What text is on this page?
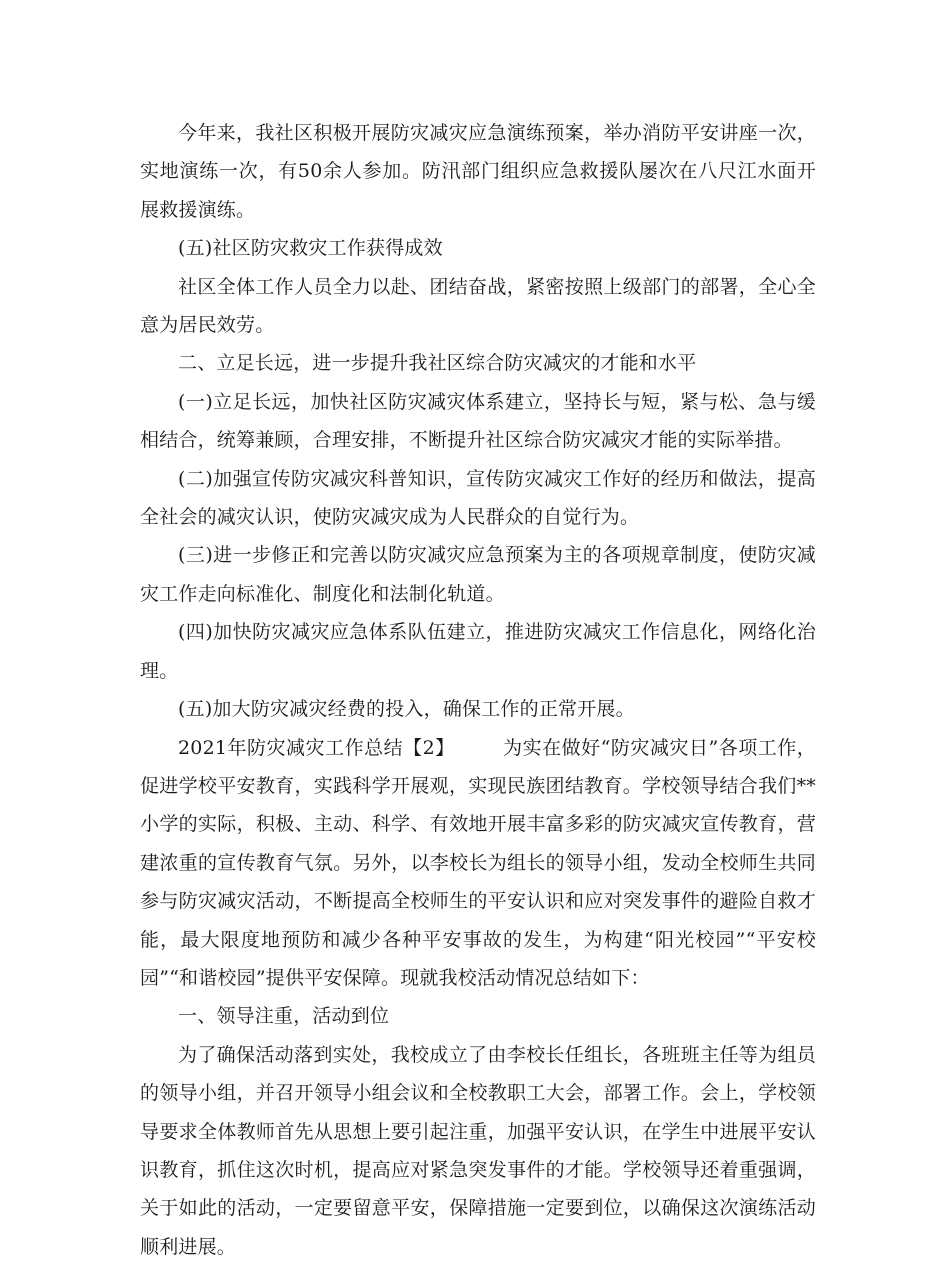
今年来，我社区积极开展防灾减灾应急演练预案，举办消防平安讲座一次，实地演练一次，有50余人参加。防汛部门组织应急救援队屡次在八尺江水面开展救援演练。

(五)社区防灾救灾工作获得成效

社区全体工作人员全力以赴、团结奋战，紧密按照上级部门的部署，全心全意为居民效劳。

二、立足长远，进一步提升我社区综合防灾减灾的才能和水平

(一)立足长远，加快社区防灾减灾体系建立，坚持长与短，紧与松、急与缓相结合，统筹兼顾，合理安排，不断提升社区综合防灾减灾才能的实际举措。

(二)加强宣传防灾减灾科普知识，宣传防灾减灾工作好的经历和做法，提高全社会的减灾认识，使防灾减灾成为人民群众的自觉行为。

(三)进一步修正和完善以防灾减灾应急预案为主的各项规章制度，使防灾减灾工作走向标准化、制度化和法制化轨道。

(四)加快防灾减灾应急体系队伍建立，推进防灾减灾工作信息化，网络化治理。

(五)加大防灾减灾经费的投入，确保工作的正常开展。

2021年防灾减灾工作总结【2】	为实在做好“防灾减灾日”各项工作，促进学校平安教育，实践科学开展观，实现民族团结教育。学校领导结合我们**小学的实际，积极、主动、科学、有效地开展丰富多彩的防灾减灾宣传教育，营建浓重的宣传教育气氛。另外，以李校长为组长的领导小组，发动全校师生共同参与防灾减灾活动，不断提高全校师生的平安认识和应对突发事件的避险自救才能，最大限度地预防和减少各种平安事故的发生，为构建“阳光校园”“平安校园”“和谐校园”提供平安保障。现就我校活动情况总结如下：

一、领导注重，活动到位

为了确保活动落到实处，我校成立了由李校长任组长，各班班主任等为组员的领导小组，并召开领导小组会议和全校教职工大会，部署工作。会上，学校领导要求全体教师首先从思想上要引起注重，加强平安认识，在学生中进展平安认识教育，抓住这次时机，提高应对紧急突发事件的才能。学校领导还着重强调，关于如此的活动，一定要留意平安，保障措施一定要到位，以确保这次演练活动顺利进展。
